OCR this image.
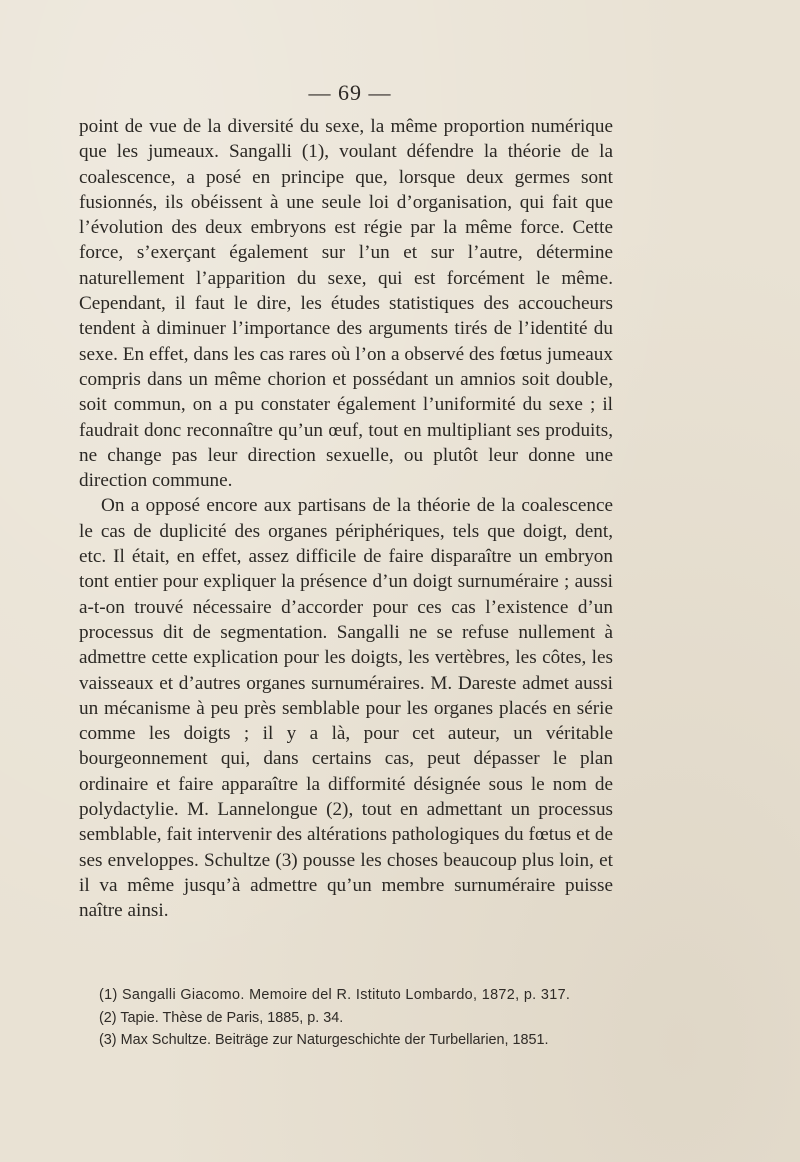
— 69 —

point de vue de la diversité du sexe, la même proportion numérique que les jumeaux. Sangalli (1), voulant défendre la théorie de la coalescence, a posé en principe que, lorsque deux germes sont fusionnés, ils obéissent à une seule loi d’organisation, qui fait que l’évolution des deux embryons est régie par la même force. Cette force, s’exerçant également sur l’un et sur l’autre, détermine naturellement l’apparition du sexe, qui est forcément le même. Cependant, il faut le dire, les études statistiques des accoucheurs tendent à diminuer l’importance des arguments tirés de l’identité du sexe. En effet, dans les cas rares où l’on a observé des fœtus jumeaux compris dans un même chorion et possédant un amnios soit double, soit commun, on a pu constater également l’uniformité du sexe ; il faudrait donc reconnaître qu’un œuf, tout en multipliant ses produits, ne change pas leur direction sexuelle, ou plutôt leur donne une direction commune.

On a opposé encore aux partisans de la théorie de la coalescence le cas de duplicité des organes périphériques, tels que doigt, dent, etc. Il était, en effet, assez difficile de faire disparaître un embryon tont entier pour expliquer la présence d’un doigt surnuméraire ; aussi a-t-on trouvé nécessaire d’accorder pour ces cas l’existence d’un processus dit de segmentation. Sangalli ne se refuse nullement à admettre cette explication pour les doigts, les vertèbres, les côtes, les vaisseaux et d’autres organes surnuméraires. M. Dareste admet aussi un mécanisme à peu près semblable pour les organes placés en série comme les doigts ; il y a là, pour cet auteur, un véritable bourgeonnement qui, dans certains cas, peut dépasser le plan ordinaire et faire apparaître la difformité désignée sous le nom de polydactylie. M. Lannelongue (2), tout en admettant un processus semblable, fait intervenir des altérations pathologiques du fœtus et de ses enveloppes. Schultze (3) pousse les choses beaucoup plus loin, et il va même jusqu’à admettre qu’un membre surnuméraire puisse naître ainsi.

(1) Sangalli Giacomo. Memoire del R. Istituto Lombardo, 1872, p. 317.

(2) Tapie. Thèse de Paris, 1885, p. 34.

(3) Max Schultze. Beiträge zur Naturgeschichte der Turbellarien, 1851.
